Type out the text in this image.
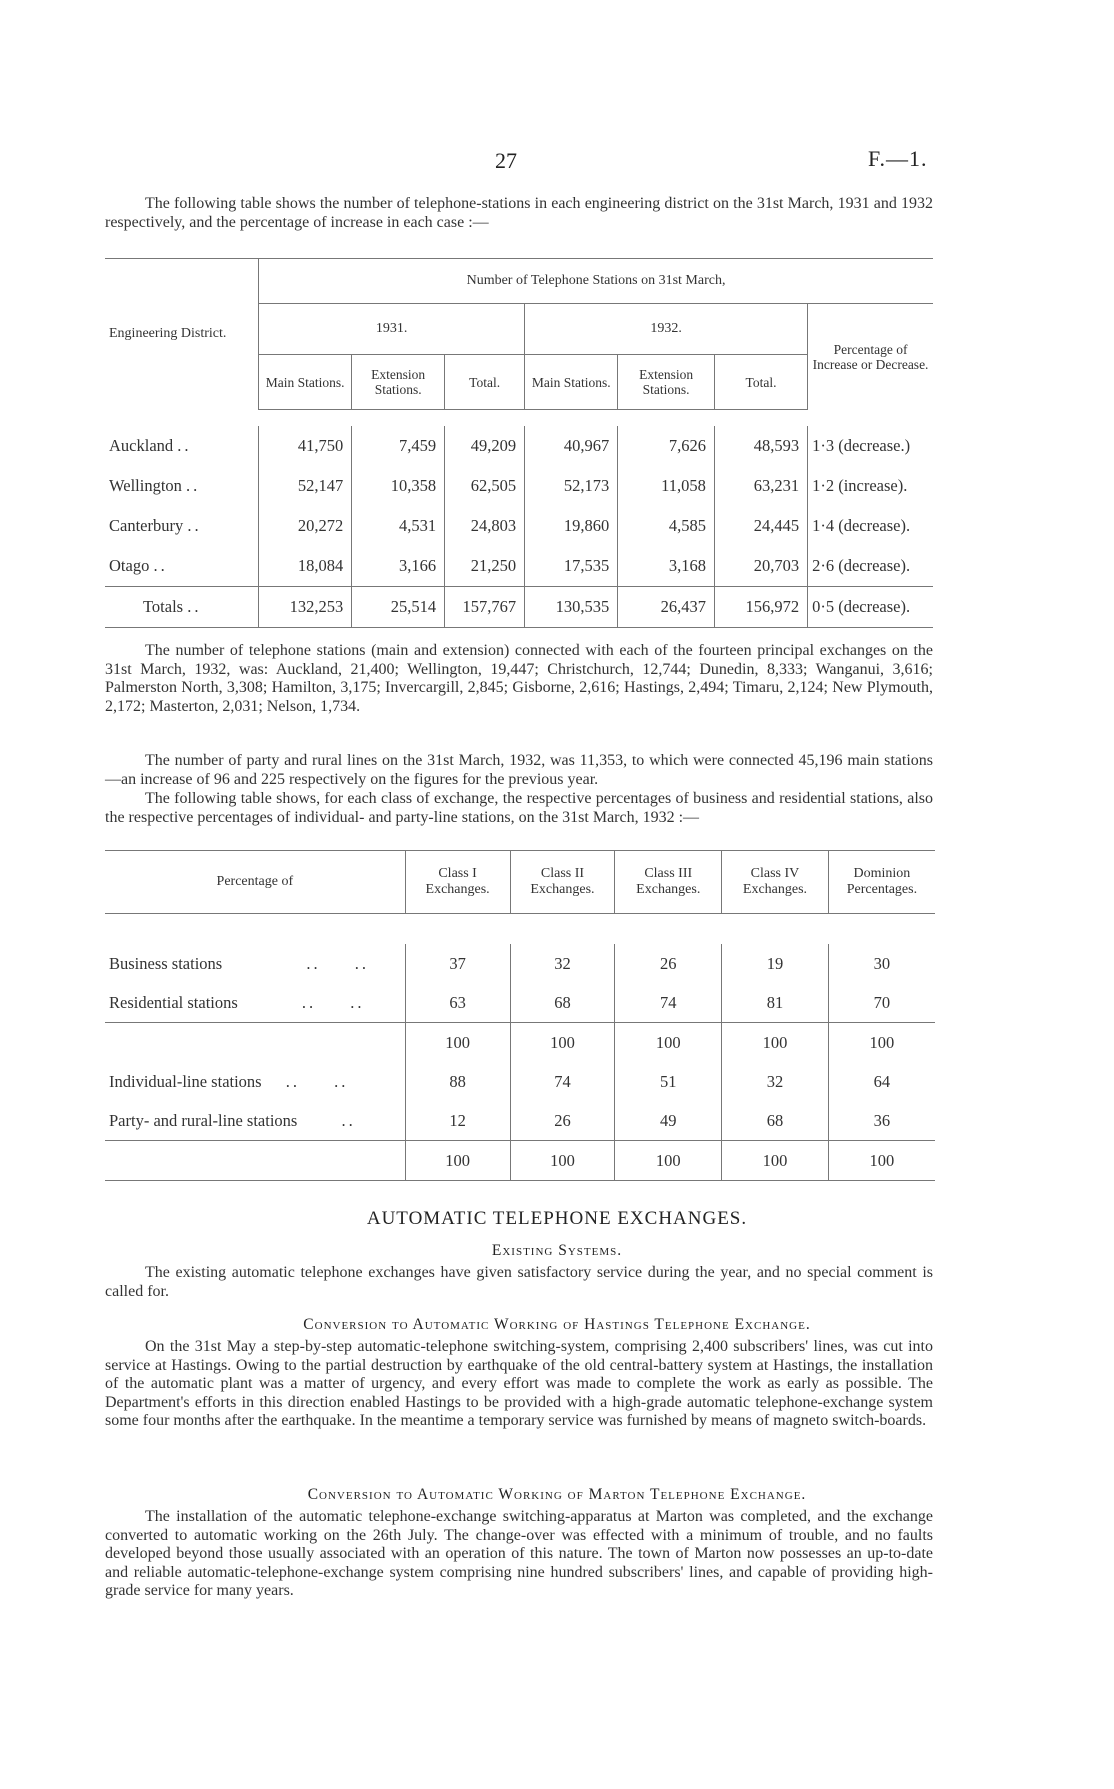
27	F.—1.
The following table shows the number of telephone-stations in each engineering district on the 31st March, 1931 and 1932 respectively, and the percentage of increase in each case :—
Engineering District.	Number of Telephone Stations on 31st March,						
	1931.			1932.			Percentage of Increase or Decrease.
	Main Stations.	Extension Stations.	Total.	Main Stations.	Extension Stations.	Total.	

Auckland ..	41,750	7,459	49,209	40,967	7,626	48,593	1·3 (decrease.)
Wellington ..	52,147	10,358	62,505	52,173	11,058	63,231	1·2 (increase).
Canterbury ..	20,272	4,531	24,803	19,860	4,585	24,445	1·4 (decrease).
Otago ..	18,084	3,166	21,250	17,535	3,168	20,703	2·6 (decrease).
Totals ..	132,253	25,514	157,767	130,535	26,437	156,972	0·5 (decrease).
The number of telephone stations (main and extension) connected with each of the fourteen principal exchanges on the 31st March, 1932, was: Auckland, 21,400; Wellington, 19,447; Christchurch, 12,744; Dunedin, 8,333; Wanganui, 3,616; Palmerston North, 3,308; Hamilton, 3,175; Invercargill, 2,845; Gisborne, 2,616; Hastings, 2,494; Timaru, 2,124; New Plymouth, 2,172; Masterton, 2,031; Nelson, 1,734.
The number of party and rural lines on the 31st March, 1932, was 11,353, to which were connected 45,196 main stations—an increase of 96 and 225 respectively on the figures for the previous year.
The following table shows, for each class of exchange, the respective percentages of business and residential stations, also the respective percentages of individual- and party-line stations, on the 31st March, 1932 :—
Percentage of	Class I Exchanges.	Class II Exchanges.	Class III Exchanges.	Class IV Exchanges.	Dominion Percentages.

Business stations .. ..	37	32	26	19	30
Residential stations .. ..	63	68	74	81	70
	100	100	100	100	100
Individual-line stations .. ..	88	74	51	32	64
Party- and rural-line stations ..	12	26	49	68	36
	100	100	100	100	100
AUTOMATIC TELEPHONE EXCHANGES.
Existing Systems.
The existing automatic telephone exchanges have given satisfactory service during the year, and no special comment is called for.
Conversion to Automatic Working of Hastings Telephone Exchange.
On the 31st May a step-by-step automatic-telephone switching-system, comprising 2,400 subscribers' lines, was cut into service at Hastings. Owing to the partial destruction by earthquake of the old central-battery system at Hastings, the installation of the automatic plant was a matter of urgency, and every effort was made to complete the work as early as possible. The Department's efforts in this direction enabled Hastings to be provided with a high-grade automatic telephone-exchange system some four months after the earthquake. In the meantime a temporary service was furnished by means of magneto switch-boards.
Conversion to Automatic Working of Marton Telephone Exchange.
The installation of the automatic telephone-exchange switching-apparatus at Marton was completed, and the exchange converted to automatic working on the 26th July. The change-over was effected with a minimum of trouble, and no faults developed beyond those usually associated with an operation of this nature. The town of Marton now possesses an up-to-date and reliable automatic-telephone-exchange system comprising nine hundred subscribers' lines, and capable of providing high-grade service for many years.
